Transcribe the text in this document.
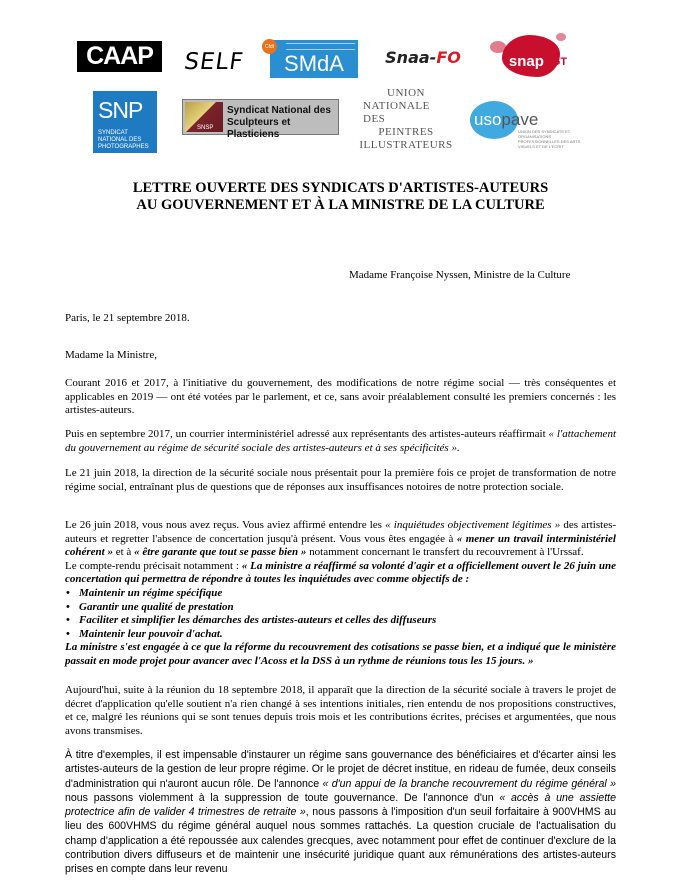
CAAP SELF
Cfdt
SMdA	Snaa- FO	snap CGT
SNP
SYNDICAT NATIONAL DES PHOTOGRAPHES
SNSP
Syndicat National des
Sculpteurs et Plasticiens
UNION
NATIONALE DES
PEINTRES
ILLUSTRATEURS
usopave
UNION DES SYNDICATS ET ORGANISATIONS PROFESSIONNELLES DES ARTS VISUELS ET DE L'ECRIT
LETTRE OUVERTE DES SYNDICATS D'ARTISTES-AUTEURS
AU GOUVERNEMENT ET À LA MINISTRE DE LA CULTURE
Madame Françoise Nyssen, Ministre de la Culture
Paris, le 21 septembre 2018.
Madame la Ministre,

Courant 2016 et 2017, à l'initiative du gouvernement, des modifications de notre régime social — très conséquentes et applicables en 2019 — ont été votées par le parlement, et ce, sans avoir préalablement consulté les premiers concernés : les artistes-auteurs.

Puis en septembre 2017, un courrier interministériel adressé aux représentants des artistes-auteurs réaffirmait « l'attachement du gouvernement au régime de sécurité sociale des artistes-auteurs et à ses spécificités ».

Le 21 juin 2018, la direction de la sécurité sociale nous présentait pour la première fois ce projet de transformation de notre régime social, entraînant plus de questions que de réponses aux insuffisances notoires de notre protection sociale.

Le 26 juin 2018, vous nous avez reçus. Vous aviez affirmé entendre les « inquiétudes objectivement légitimes » des artistes-auteurs et regretter l'absence de concertation jusqu'à présent. Vous vous êtes engagée à « mener un travail interministériel cohérent » et à « être garante que tout se passe bien » notamment concernant le transfert du recouvrement à l'Urssaf.

Le compte-rendu précisait notamment : « La ministre a réaffirmé sa volonté d'agir et a officiellement ouvert le 26 juin une concertation qui permettra de répondre à toutes les inquiétudes avec comme objectifs de :

• Maintenir un régime spécifique
• Garantir une qualité de prestation
• Faciliter et simplifier les démarches des artistes-auteurs et celles des diffuseurs
• Maintenir leur pouvoir d'achat.

La ministre s'est engagée à ce que la réforme du recouvrement des cotisations se passe bien, et a indiqué que le ministère passait en mode projet pour avancer avec l'Acoss et la DSS à un rythme de réunions tous les 15 jours. »

Aujourd'hui, suite à la réunion du 18 septembre 2018, il apparaît que la direction de la sécurité sociale à travers le projet de décret d'application qu'elle soutient n'a rien changé à ses intentions initiales, rien entendu de nos propositions constructives, et ce, malgré les réunions qui se sont tenues depuis trois mois et les contributions écrites, précises et argumentées, que nous avons transmises.

À titre d'exemples, il est impensable d'instaurer un régime sans gouvernance des bénéficiaires et d'écarter ainsi les artistes-auteurs de la gestion de leur propre régime. Or le projet de décret institue, en rideau de fumée, deux conseils d'administration qui n'auront aucun rôle. De l'annonce « d'un appui de la branche recouvrement du régime général » nous passons violemment à la suppression de toute gouvernance. De l'annonce d'un « accès à une assiette protectrice afin de valider 4 trimestres de retraite », nous passons à l'imposition d'un seuil forfaitaire à 900VHMS au lieu des 600VHMS du régime général auquel nous sommes rattachés. La question cruciale de l'actualisation du champ d'application a été repoussée aux calendes grecques, avec notamment pour effet de continuer d'exclure de la contribution divers diffuseurs et de maintenir une insécurité juridique quant aux rémunérations des artistes-auteurs prises en compte dans leur revenu
